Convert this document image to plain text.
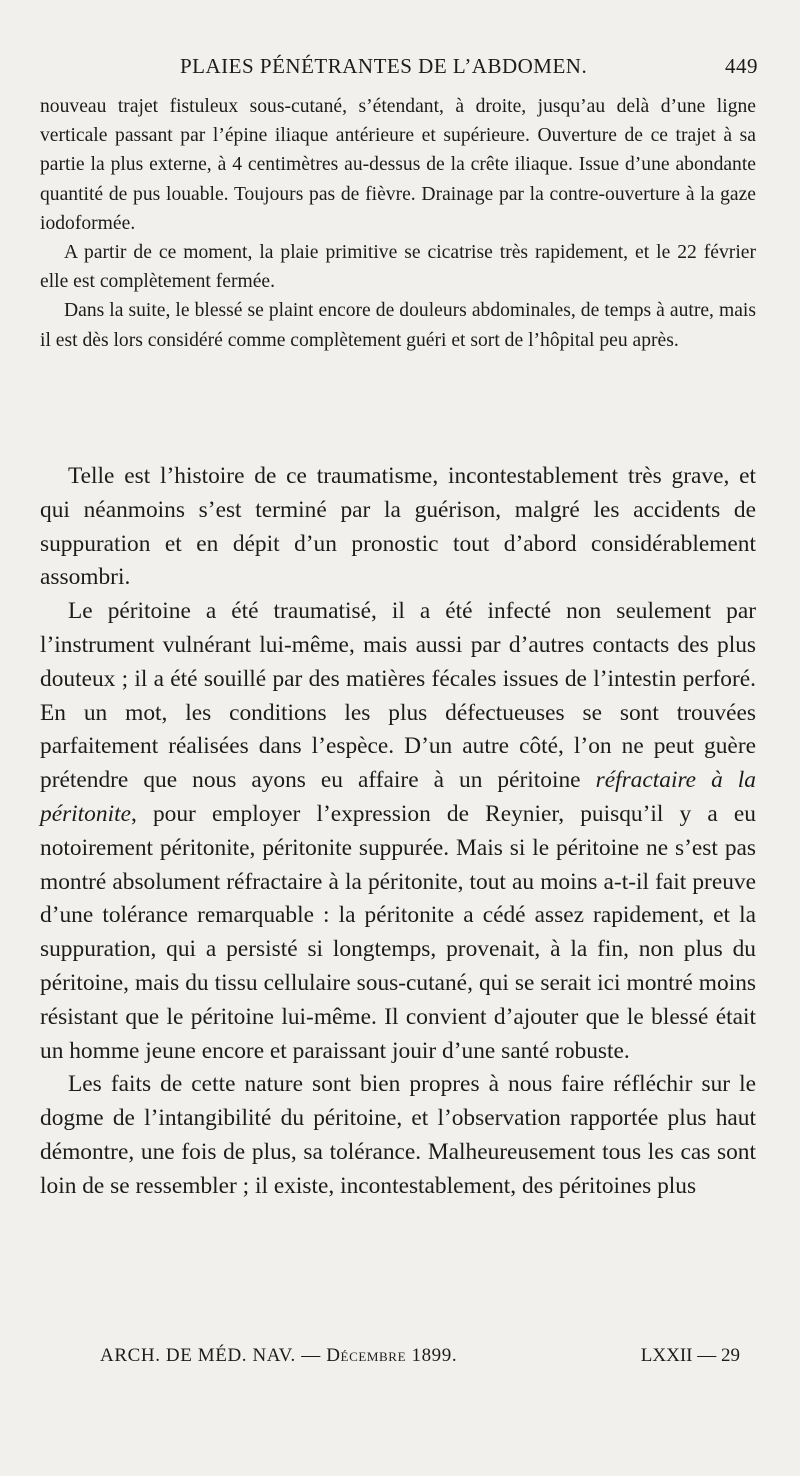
PLAIES PÉNÉTRANTES DE L’ABDOMEN.	449

nouveau trajet fistuleux sous-cutané, s’étendant, à droite, jusqu’au delà d’une ligne verticale passant par l’épine iliaque antérieure et supérieure. Ouverture de ce trajet à sa partie la plus externe, à 4 centimètres au-dessus de la crête iliaque. Issue d’une abondante quantité de pus louable. Toujours pas de fièvre. Drainage par la contre-ouverture à la gaze iodoformée.

A partir de ce moment, la plaie primitive se cicatrise très rapidement, et le 22 février elle est complètement fermée.

Dans la suite, le blessé se plaint encore de douleurs abdominales, de temps à autre, mais il est dès lors considéré comme complètement guéri et sort de l’hôpital peu après.

Telle est l’histoire de ce traumatisme, incontestablement très grave, et qui néanmoins s’est terminé par la guérison, malgré les accidents de suppuration et en dépit d’un pronostic tout d’abord considérablement assombri.

Le péritoine a été traumatisé, il a été infecté non seulement par l’instrument vulnérant lui-même, mais aussi par d’autres contacts des plus douteux ; il a été souillé par des matières fécales issues de l’intestin perforé. En un mot, les conditions les plus défectueuses se sont trouvées parfaitement réalisées dans l’espèce. D’un autre côté, l’on ne peut guère prétendre que nous ayons eu affaire à un péritoine réfractaire à la péritonite, pour employer l’expression de Reynier, puisqu’il y a eu notoirement péritonite, péritonite suppurée. Mais si le péritoine ne s’est pas montré absolument réfractaire à la péritonite, tout au moins a-t-il fait preuve d’une tolérance remarquable : la péritonite a cédé assez rapidement, et la suppuration, qui a persisté si longtemps, provenait, à la fin, non plus du péritoine, mais du tissu cellulaire sous-cutané, qui se serait ici montré moins résistant que le péritoine lui-même. Il convient d’ajouter que le blessé était un homme jeune encore et paraissant jouir d’une santé robuste.

Les faits de cette nature sont bien propres à nous faire réfléchir sur le dogme de l’intangibilité du péritoine, et l’observation rapportée plus haut démontre, une fois de plus, sa tolérance. Malheureusement tous les cas sont loin de se ressembler ; il existe, incontestablement, des péritoines plus

ARCH. DE MÉD. NAV. — Décembre 1899.	LXXII — 29
